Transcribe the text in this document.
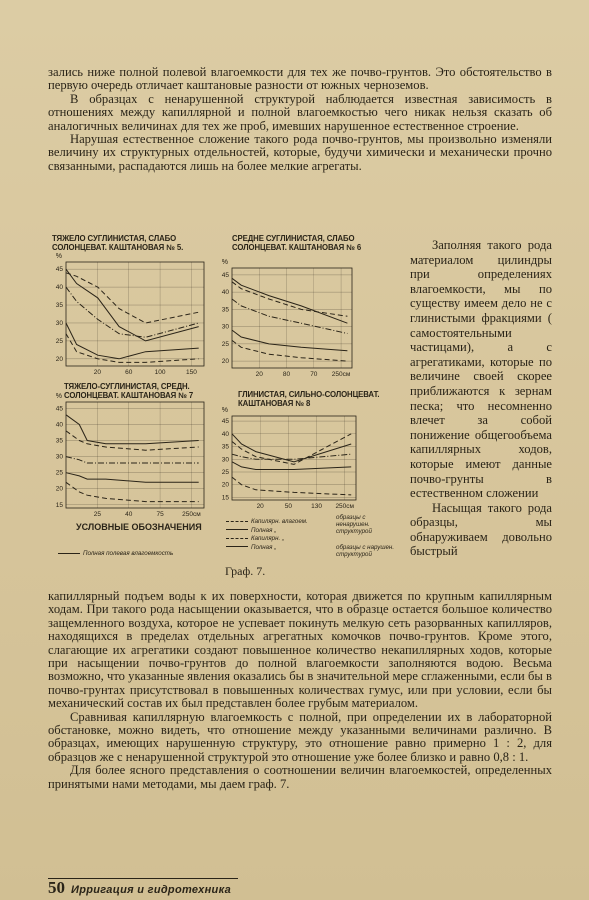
зались ниже полной полевой влагоемкости для тех же почво-грунтов. Это обстоятельство в первую очередь отличает каштановые разности от южных черноземов.

В образцах с ненарушенной структурой наблюдается известная зависимость в отношениях между капиллярной и полной влагоемкостью чего никак нельзя сказать об аналогичных величинах для тех же проб, имевших нарушенное естественное строение.

Нарушая естественное сложение такого рода почво-грунтов, мы произвольно изменяли величину их структурных отдельностей, которые, будучи химически и механически прочно связанными, распадаются лишь на более мелкие агрегаты.

ТЯЖЕЛО СУГЛИНИСТАЯ, СЛАБО СОЛОНЦЕВАТ. КАШТАНОВАЯ № 5.
СРЕДНЕ СУГЛИНИСТАЯ, СЛАБО СОЛОНЦЕВАТ. КАШТАНОВАЯ № 6
ТЯЖЕЛО-СУГЛИНИСТАЯ, СРЕДН. СОЛОНЦЕВАТ. КАШТАНОВАЯ № 7	ГЛИНИСТАЯ, СИЛЬНО-СОЛОНЦЕВАТ. КАШТАНОВАЯ № 8
45
40
35
30
25
20
%
20	60	100	150
45
40
35
30
25
20
%
20	80	70 250см
45
40
35
30
25
20
15
%
25	40	75	250см
45
40
35
30
25
20
15
%
20	50	130 250см
УСЛОВНЫЕ ОБОЗНАЧЕНИЯ
Полная полевая влагоемкость
Капилярн. влагоем.
Полная „
Капилярн. „
Полная „
образцы с ненарушен. структурой
образцы с нарушен. структурой

Заполняя такого рода материалом цилиндры при определениях влагоемкости, мы по существу имеем дело не с глинистыми фракциями ( самостоятельными частицами), а с агрегатиками, которые по величине своей скорее приближаются к зернам песка; что несомненно влечет за собой понижение общегообъема капиллярных ходов, которые имеют данные почво-грунты в естественном сложении

Насыщая такого рода образцы, мы обнаруживаем довольно быстрый

Граф. 7.

капиллярный подъем воды к их поверхности, которая движется по крупным капиллярным ходам. При такого рода насыщении оказывается, что в образце остается большое количество защемленного воздуха, которое не успевает покинуть мелкую сеть разорванных капилляров, находящихся в пределах отдельных агрегатных комочков почво-грунтов. Кроме этого, слагающие их агрегатики создают повышенное количество некапиллярных ходов, которые при насыщении почво-грунтов до полной влагоемкости заполняются водою. Весьма возможно, что указанные явления оказались бы в значительной мере сглаженными, если бы в почво-грунтах присутствовал в повышенных количествах гумус, или при условии, если бы механический состав их был представлен более грубым материалом.

Сравнивая капиллярную влагоемкость с полной, при определении их в лабораторной обстановке, можно видеть, что отношение между указанными величинами различно. В образцах, имеющих нарушенную структуру, это отношение равно примерно 1 : 2, для образцов же с ненарушенной структурой это отношение уже более близко и равно 0,8 : 1.

Для более ясного представления о соотношении величин влагоемкостей, определенных принятыми нами методами, мы даем граф. 7.

50 Ирригация и гидротехника
